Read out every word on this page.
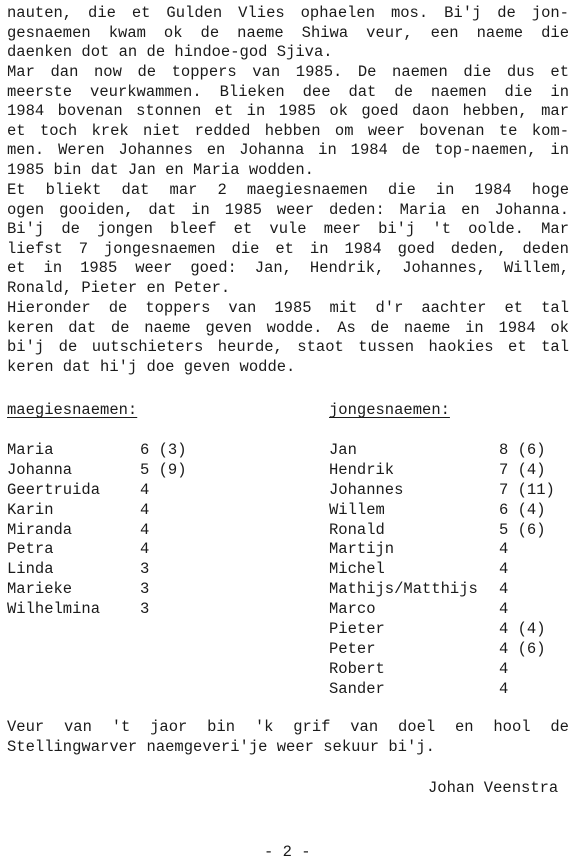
nauten, die et Gulden Vlies ophaelen mos. Bi'j de jon-
gesnaemen kwam ok de naeme Shiwa veur, een naeme die
daenken dot an de hindoe-god Sjiva.
Mar dan now de toppers van 1985. De naemen die dus et
meerste veurkwammen. Blieken dee dat de naemen die in
1984 bovenan stonnen et in 1985 ok goed daon hebben, mar
et toch krek niet redded hebben om weer bovenan te kom-
men. Weren Johannes en Johanna in 1984 de top-naemen, in
1985 bin dat Jan en Maria wodden.
Et bliekt dat mar 2 maegiesnaemen die in 1984 hoge
ogen gooiden, dat in 1985 weer deden: Maria en Johanna.
Bi'j de jongen bleef et vule meer bi'j 't oolde. Mar
liefst 7 jongesnaemen die et in 1984 goed deden, deden
et in 1985 weer goed: Jan, Hendrik, Johannes, Willem,
Ronald, Pieter en Peter.
Hieronder de toppers van 1985 mit d'r aachter et tal
keren dat de naeme geven wodde. As de naeme in 1984 ok
bi'j de uutschieters heurde, staot tussen haokies et tal
keren dat hi'j doe geven wodde.
maegiesnaemen:	jongesnaemen:
Maria	6 (3)
Johanna	5 (9)
Geertruida	4
Karin	4
Miranda	4
Petra	4
Linda	3
Marieke	3
Wilhelmina	3
Jan	8 (6)
Hendrik	7 (4)
Johannes	7 (11)
Willem	6 (4)
Ronald	5 (6)
Martijn	4
Michel	4
Mathijs/Matthijs 4
Marco	4
Pieter	4 (4)
Peter	4 (6)
Robert	4
Sander	4
Veur van 't jaor bin 'k grif van doel en hool de
Stellingwarver naemgeveri'je weer sekuur bi'j.
Johan Veenstra
- 2 -
